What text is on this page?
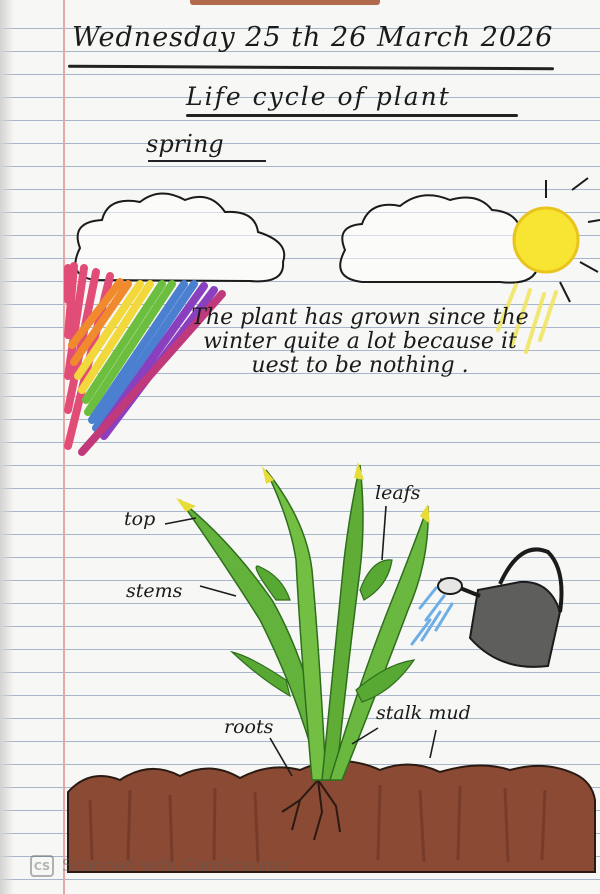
Wednesday 25 th 26 March 2026
Life cycle of plant
spring
The plant has grown since the winter quite a lot because it uest to be nothing .
top
leafs
stems
roots
stalk mud
CS Scanned with CamScanner
